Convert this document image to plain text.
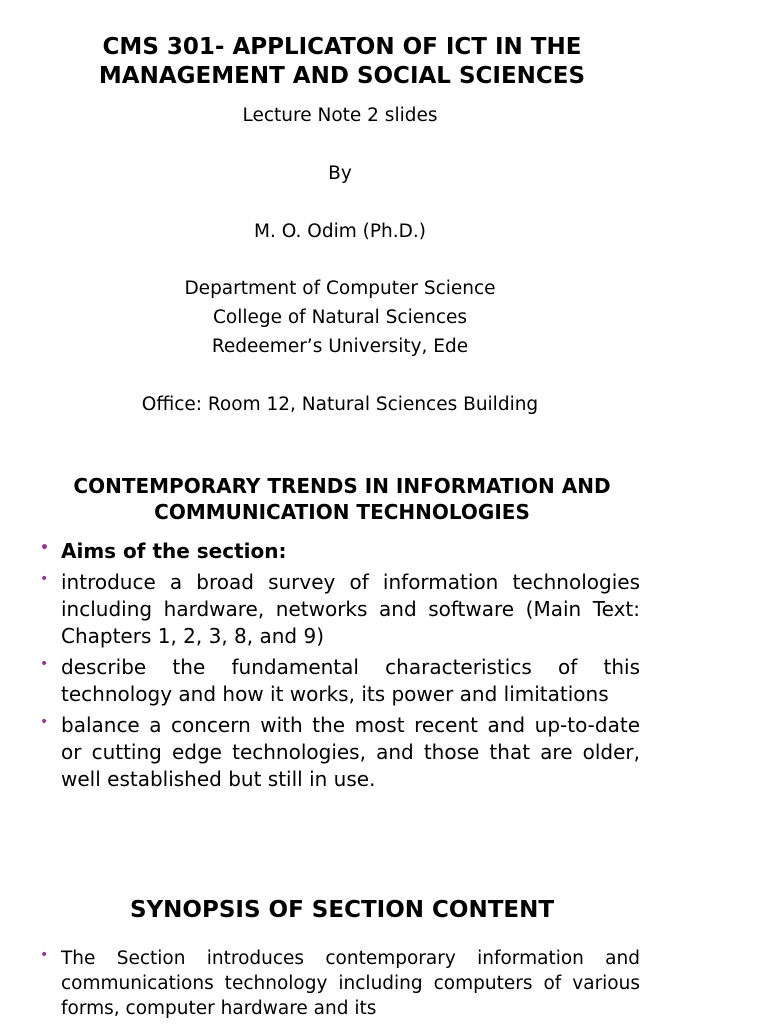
CMS 301- APPLICATON OF ICT IN THE
MANAGEMENT AND SOCIAL SCIENCES

Lecture Note 2 slides

By

M. O. Odim (Ph.D.)

Department of Computer Science

College of Natural Sciences

Redeemer’s University, Ede

Office: Room 12, Natural Sciences Building

CONTEMPORARY TRENDS IN INFORMATION AND
COMMUNICATION TECHNOLOGIES
• Aims of the section:
• introduce a broad survey of information technologies including hardware, networks and software (Main Text: Chapters 1, 2, 3, 8, and 9)
• describe the fundamental characteristics of this technology and how it works, its power and limitations
• balance a concern with the most recent and up-to-date or cutting edge technologies, and those that are older, well established but still in use.
SYNOPSIS OF SECTION CONTENT
• The Section introduces contemporary information and communications technology including computers of various forms, computer hardware and its
